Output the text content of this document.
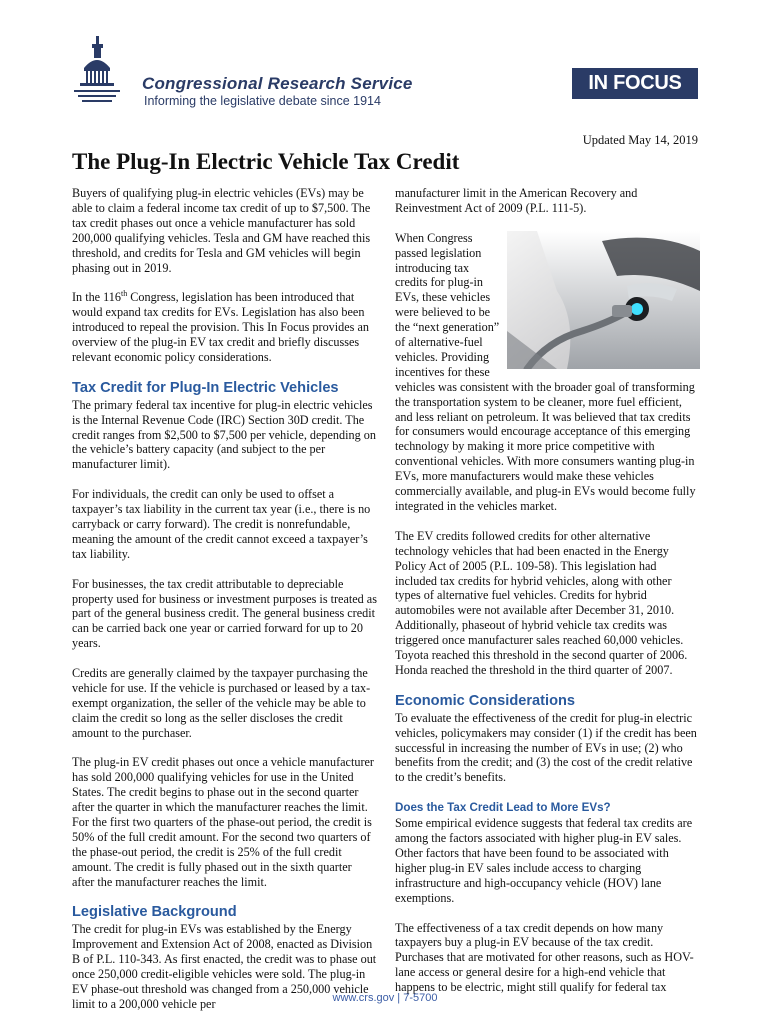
Congressional Research Service
Informing the legislative debate since 1914
IN FOCUS
Updated May 14, 2019
The Plug-In Electric Vehicle Tax Credit

Buyers of qualifying plug-in electric vehicles (EVs) may be able to claim a federal income tax credit of up to $7,500. The tax credit phases out once a vehicle manufacturer has sold 200,000 qualifying vehicles. Tesla and GM have reached this threshold, and credits for Tesla and GM vehicles will begin phasing out in 2019.

In the 116th Congress, legislation has been introduced that would expand tax credits for EVs. Legislation has also been introduced to repeal the provision. This In Focus provides an overview of the plug-in EV tax credit and briefly discusses relevant economic policy considerations.

Tax Credit for Plug-In Electric Vehicles

The primary federal tax incentive for plug-in electric vehicles is the Internal Revenue Code (IRC) Section 30D credit. The credit ranges from $2,500 to $7,500 per vehicle, depending on the vehicle’s battery capacity (and subject to the per manufacturer limit).

For individuals, the credit can only be used to offset a taxpayer’s tax liability in the current tax year (i.e., there is no carryback or carry forward). The credit is nonrefundable, meaning the amount of the credit cannot exceed a taxpayer’s tax liability.

For businesses, the tax credit attributable to depreciable property used for business or investment purposes is treated as part of the general business credit. The general business credit can be carried back one year or carried forward for up to 20 years.

Credits are generally claimed by the taxpayer purchasing the vehicle for use. If the vehicle is purchased or leased by a tax-exempt organization, the seller of the vehicle may be able to claim the credit so long as the seller discloses the credit amount to the purchaser.

The plug-in EV credit phases out once a vehicle manufacturer has sold 200,000 qualifying vehicles for use in the United States. The credit begins to phase out in the second quarter after the quarter in which the manufacturer reaches the limit. For the first two quarters of the phase-out period, the credit is 50% of the full credit amount. For the second two quarters of the phase-out period, the credit is 25% of the full credit amount. The credit is fully phased out in the sixth quarter after the manufacturer reaches the limit.

Legislative Background

The credit for plug-in EVs was established by the Energy Improvement and Extension Act of 2008, enacted as Division B of P.L. 110-343. As first enacted, the credit was to phase out once 250,000 credit-eligible vehicles were sold. The plug-in EV phase-out threshold was changed from a 250,000 vehicle limit to a 200,000 vehicle per

manufacturer limit in the American Recovery and Reinvestment Act of 2009 (P.L. 111-5).

When Congress passed legislation introducing tax credits for plug-in EVs, these vehicles were believed to be the “next generation” of alternative-fuel vehicles. Providing incentives for these vehicles was consistent with the broader goal of transforming the transportation system to be cleaner, more fuel efficient, and less reliant on petroleum. It was believed that tax credits for consumers would encourage acceptance of this emerging technology by making it more price competitive with conventional vehicles. With more consumers wanting plug-in EVs, more manufacturers would make these vehicles commercially available, and plug-in EVs would become fully integrated in the vehicles market.

The EV credits followed credits for other alternative technology vehicles that had been enacted in the Energy Policy Act of 2005 (P.L. 109-58). This legislation had included tax credits for hybrid vehicles, along with other types of alternative fuel vehicles. Credits for hybrid automobiles were not available after December 31, 2010. Additionally, phaseout of hybrid vehicle tax credits was triggered once manufacturer sales reached 60,000 vehicles. Toyota reached this threshold in the second quarter of 2006. Honda reached the threshold in the third quarter of 2007.

Economic Considerations

To evaluate the effectiveness of the credit for plug-in electric vehicles, policymakers may consider (1) if the credit has been successful in increasing the number of EVs in use; (2) who benefits from the credit; and (3) the cost of the credit relative to the credit’s benefits.

Does the Tax Credit Lead to More EVs?

Some empirical evidence suggests that federal tax credits are among the factors associated with higher plug-in EV sales. Other factors that have been found to be associated with higher plug-in EV sales include access to charging infrastructure and high-occupancy vehicle (HOV) lane exemptions.

The effectiveness of a tax credit depends on how many taxpayers buy a plug-in EV because of the tax credit. Purchases that are motivated for other reasons, such as HOV-lane access or general desire for a high-end vehicle that happens to be electric, might still qualify for federal tax

www.crs.gov | 7-5700
